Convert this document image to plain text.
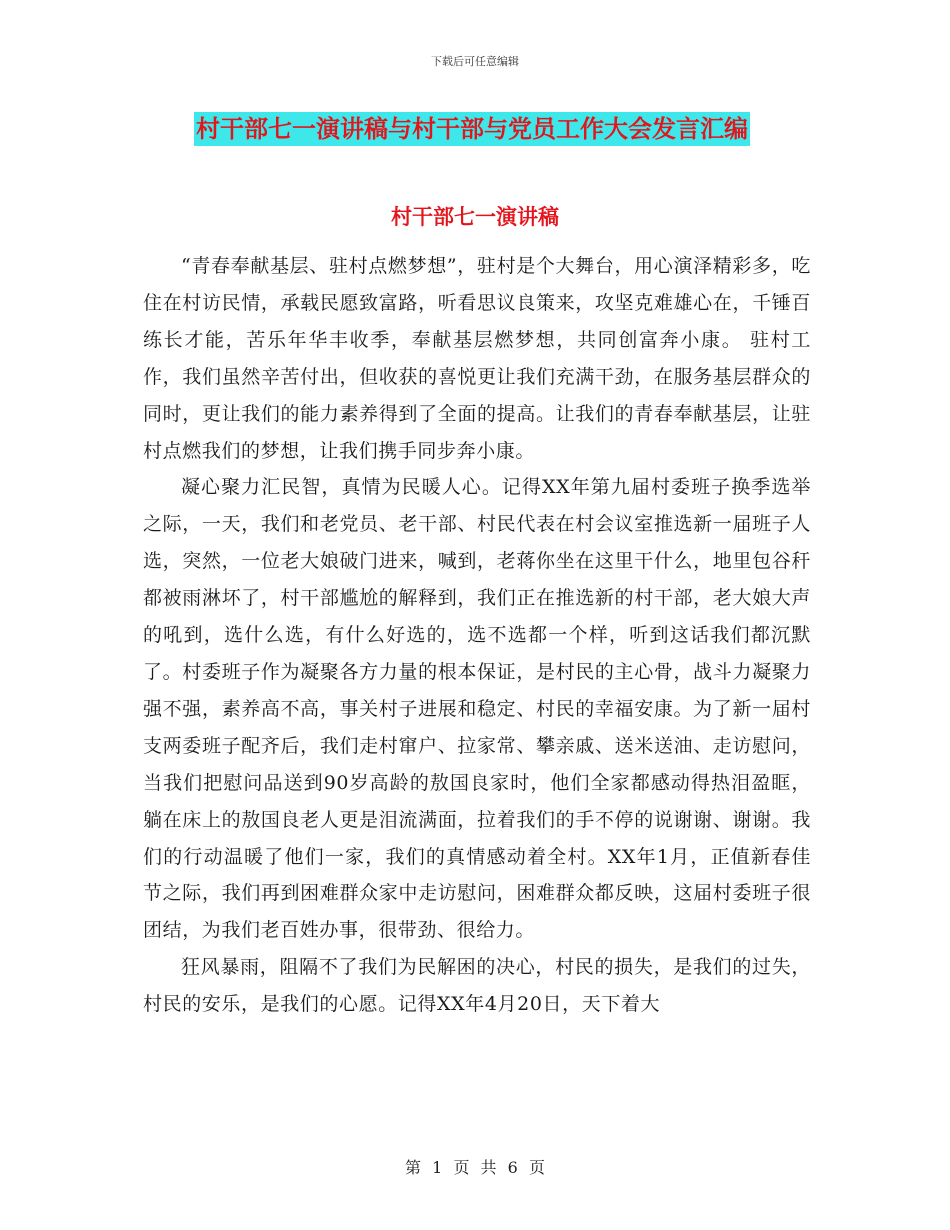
下载后可任意编辑
村干部七一演讲稿与村干部与党员工作大会发言汇编
村干部七一演讲稿

“青春奉献基层、驻村点燃梦想”，驻村是个大舞台，用心演泽精彩多，吃住在村访民情，承载民愿致富路，听看思议良策来，攻坚克难雄心在，千锤百练长才能，苦乐年华丰收季，奉献基层燃梦想，共同创富奔小康。 驻村工作，我们虽然辛苦付出，但收获的喜悦更让我们充满干劲，在服务基层群众的同时，更让我们的能力素养得到了全面的提高。让我们的青春奉献基层，让驻村点燃我们的梦想，让我们携手同步奔小康。

凝心聚力汇民智，真情为民暖人心。记得XX年第九届村委班子换季选举之际，一天，我们和老党员、老干部、村民代表在村会议室推选新一届班子人选，突然，一位老大娘破门进来，喊到，老蒋你坐在这里干什么，地里包谷秆都被雨淋坏了，村干部尴尬的解释到，我们正在推选新的村干部，老大娘大声的吼到，选什么选，有什么好选的，选不选都一个样，听到这话我们都沉默了。村委班子作为凝聚各方力量的根本保证，是村民的主心骨，战斗力凝聚力强不强，素养高不高，事关村子进展和稳定、村民的幸福安康。为了新一届村支两委班子配齐后，我们走村窜户、拉家常、攀亲戚、送米送油、走访慰问，当我们把慰问品送到90岁高龄的敖国良家时，他们全家都感动得热泪盈眶，躺在床上的敖国良老人更是泪流满面，拉着我们的手不停的说谢谢、谢谢。我们的行动温暖了他们一家，我们的真情感动着全村。XX年1月，正值新春佳节之际，我们再到困难群众家中走访慰问，困难群众都反映，这届村委班子很团结，为我们老百姓办事，很带劲、很给力。

狂风暴雨，阻隔不了我们为民解困的决心，村民的损失，是我们的过失，村民的安乐，是我们的心愿。记得XX年4月20日，天下着大

第 1 页 共 6 页
